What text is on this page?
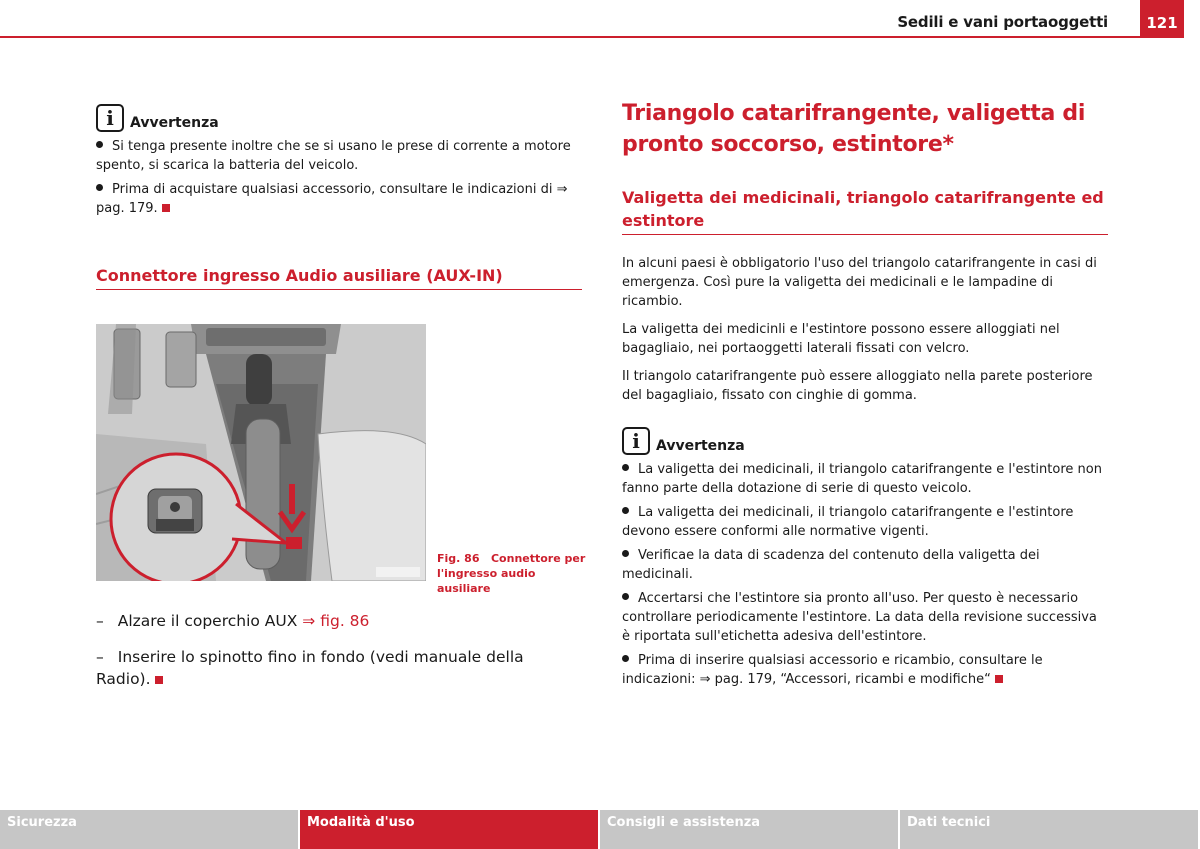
Sedili e vani portaoggetti	121
i Avvertenza
Si tenga presente inoltre che se si usano le prese di corrente a motore spento, si scarica la batteria del veicolo.
Prima di acquistare qualsiasi accessorio, consultare le indicazioni di ⇒ pag. 179.
Connettore ingresso Audio ausiliare (AUX-IN)
Fig. 86 Connettore per l'ingresso audio ausiliare
– Alzare il coperchio AUX ⇒ fig. 86
– Inserire lo spinotto fino in fondo (vedi manuale della Radio).
Triangolo catarifrangente, valigetta di pronto soccorso, estintore*
Valigetta dei medicinali, triangolo catarifrangente ed estintore
In alcuni paesi è obbligatorio l'uso del triangolo catarifrangente in casi di emergenza. Così pure la valigetta dei medicinali e le lampadine di ricambio.
La valigetta dei medicinli e l'estintore possono essere alloggiati nel bagagliaio, nei portaoggetti laterali fissati con velcro.
Il triangolo catarifrangente può essere alloggiato nella parete posteriore del bagagliaio, fissato con cinghie di gomma.
i Avvertenza
La valigetta dei medicinali, il triangolo catarifrangente e l'estintore non fanno parte della dotazione di serie di questo veicolo.
La valigetta dei medicinali, il triangolo catarifrangente e l'estintore devono essere conformi alle normative vigenti.
Verificae la data di scadenza del contenuto della valigetta dei medicinali.
Accertarsi che l'estintore sia pronto all'uso. Per questo è necessario controllare periodicamente l'estintore. La data della revisione successiva è riportata sull'etichetta adesiva dell'estintore.
Prima di inserire qualsiasi accessorio e ricambio, consultare le indicazioni: ⇒ pag. 179, “Accessori, ricambi e modifiche“
Sicurezza	Modalità d'uso	Consigli e assistenza	Dati tecnici
